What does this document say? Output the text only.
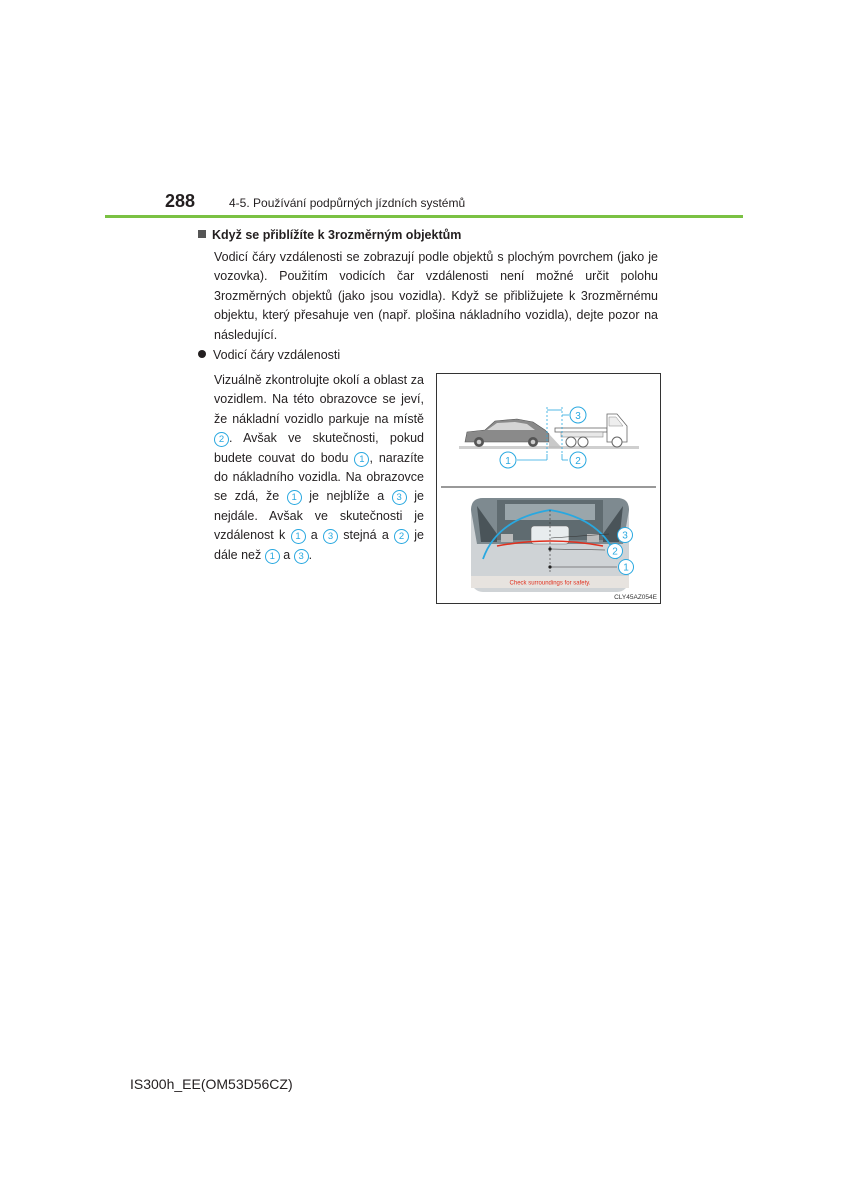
288	4-5. Používání podpůrných jízdních systémů
Když se přiblížíte k 3rozměrným objektům

Vodicí čáry vzdálenosti se zobrazují podle objektů s plochým povrchem (jako je vozovka). Použitím vodicích čar vzdálenosti není možné určit polohu 3rozměrných objektů (jako jsou vozidla). Když se přibližujete k 3rozměrnému objektu, který přesahuje ven (např. plošina nákladního vozidla), dejte pozor na následující.

Vodicí čáry vzdálenosti

Vizuálně zkontrolujte okolí a oblast za vozidlem. Na této obrazovce se jeví, že nákladní vozidlo parkuje na místě 2 . Avšak ve skutečnosti, pokud budete couvat do bodu 1 , narazíte do nákladního vozidla. Na obrazovce se zdá, že 1 je nejblíže a 3 je nejdále. Avšak ve skutečnosti je vzdálenost k 1 a 3 stejná a 2 je dále než 1 a 3 .

3
1	2
Check surroundings for safety.
3
2
1
CLY45AZ054E
IS300h_EE(OM53D56CZ)
